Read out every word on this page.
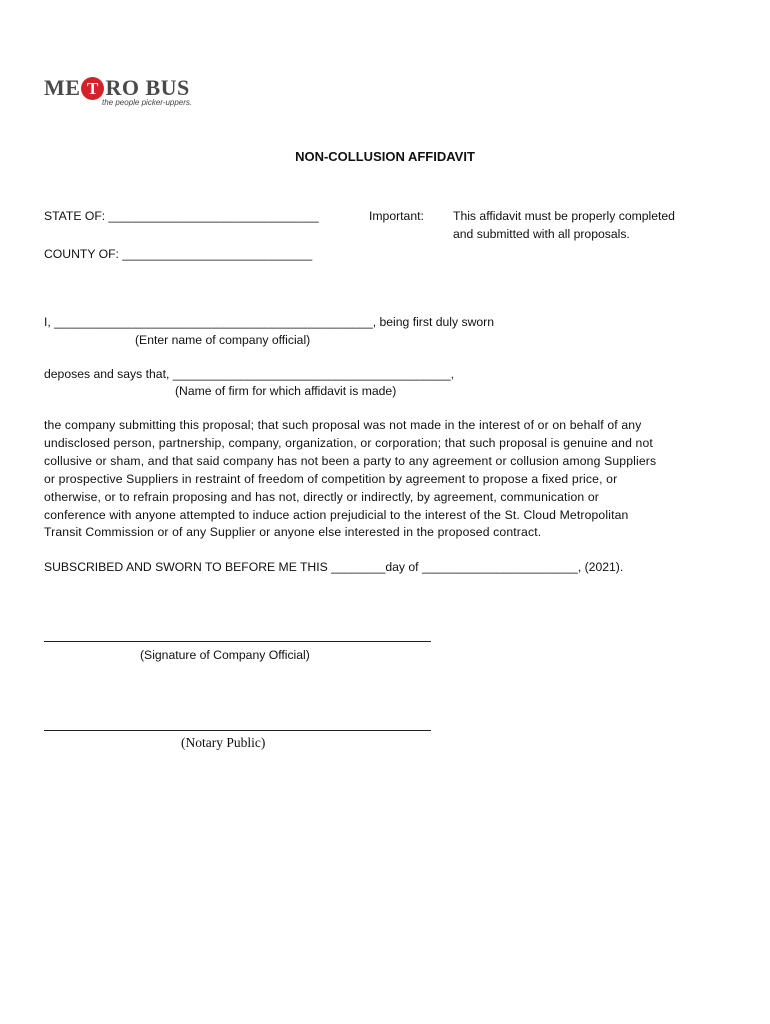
ME T RO BUS
the people picker-uppers.
NON-COLLUSION AFFIDAVIT
STATE OF: _______________________________
COUNTY OF: ____________________________
Important: This affidavit must be properly completed
and submitted with all proposals.
I, _______________________________________________, being first duly sworn
(Enter name of company official)
deposes and says that, _________________________________________,
(Name of firm for which affidavit is made)
the company submitting this proposal; that such proposal was not made in the interest of or on behalf of any
undisclosed person, partnership, company, organization, or corporation; that such proposal is genuine and not
collusive or sham, and that said company has not been a party to any agreement or collusion among Suppliers
or prospective Suppliers in restraint of freedom of competition by agreement to propose a fixed price, or
otherwise, or to refrain proposing and has not, directly or indirectly, by agreement, communication or
conference with anyone attempted to induce action prejudicial to the interest of the St. Cloud Metropolitan
Transit Commission or of any Supplier or anyone else interested in the proposed contract.
SUBSCRIBED AND SWORN TO BEFORE ME THIS ________day of _______________________, (2021).
(Signature of Company Official)
(Notary Public)
